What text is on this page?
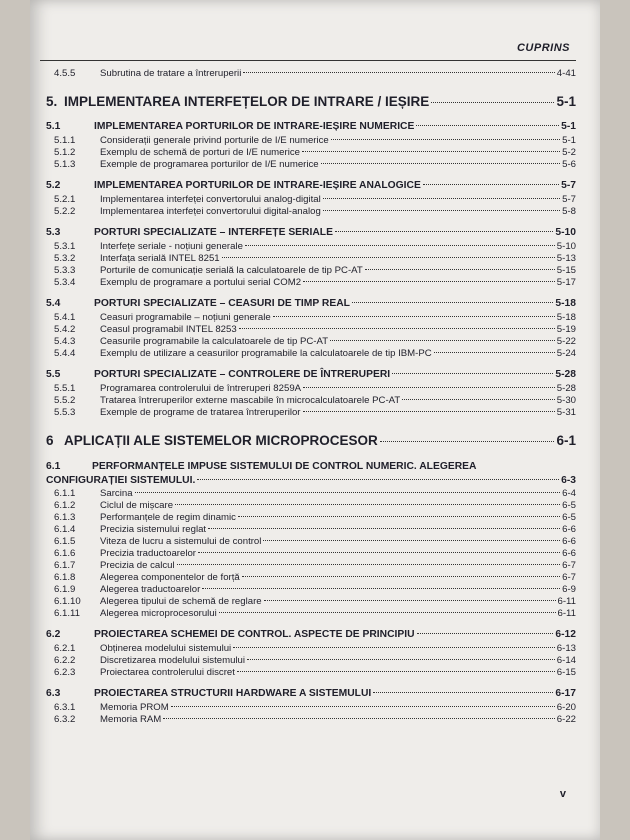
CUPRINS
4.5.5	Subrutina de tratare a întreruperii	4-41
5. IMPLEMENTAREA INTERFEȚELOR DE INTRARE / IEȘIRE	5-1
5.1	IMPLEMENTAREA PORTURILOR DE INTRARE-IEȘIRE NUMERICE	5-1
5.1.1	Considerații generale privind porturile de I/E numerice	5-1
5.1.2	Exemplu de schemă de porturi de I/E numerice	5-2
5.1.3	Exemple de programarea porturilor de I/E numerice	5-6
5.2	IMPLEMENTAREA PORTURILOR DE INTRARE-IEȘIRE ANALOGICE	5-7
5.2.1	Implementarea interfeței convertorului analog-digital	5-7
5.2.2	Implementarea interfeței convertorului digital-analog	5-8
5.3	PORTURI SPECIALIZATE – INTERFEȚE SERIALE	5-10
5.3.1	Interfețe seriale - noțiuni generale	5-10
5.3.2	Interfața serială INTEL 8251	5-13
5.3.3	Porturile de comunicație serială la calculatoarele de tip PC-AT	5-15
5.3.4	Exemplu de programare a portului serial COM2	5-17
5.4	PORTURI SPECIALIZATE – CEASURI DE TIMP REAL	5-18
5.4.1	Ceasuri programabile – noțiuni generale	5-18
5.4.2	Ceasul programabil INTEL 8253	5-19
5.4.3	Ceasurile programabile la calculatoarele de tip PC-AT	5-22
5.4.4	Exemplu de utilizare a ceasurilor programabile la calculatoarele de tip IBM-PC	5-24
5.5	PORTURI SPECIALIZATE – CONTROLERE DE ÎNTRERUPERI	5-28
5.5.1	Programarea controlerului de întreruperi 8259A	5-28
5.5.2	Tratarea întreruperilor externe mascabile în microcalculatoarele PC-AT	5-30
5.5.3	Exemple de programe de tratarea întreruperilor	5-31
6 APLICAȚII ALE SISTEMELOR MICROPROCESOR	6-1
6.1	PERFORMANȚELE IMPUSE SISTEMULUI DE CONTROL NUMERIC. ALEGEREA
CONFIGURAȚIEI SISTEMULUI.	6-3
6.1.1	Sarcina	6-4
6.1.2	Ciclul de mișcare	6-5
6.1.3	Performanțele de regim dinamic	6-5
6.1.4	Precizia sistemului reglat	6-6
6.1.5	Viteza de lucru a sistemului de control	6-6
6.1.6	Precizia traductoarelor	6-6
6.1.7	Precizia de calcul	6-7
6.1.8	Alegerea componentelor de forță	6-7
6.1.9	Alegerea traductoarelor	6-9
6.1.10	Alegerea tipului de schemă de reglare	6-11
6.1.11	Alegerea microprocesorului	6-11
6.2	PROIECTAREA SCHEMEI DE CONTROL. ASPECTE DE PRINCIPIU	6-12
6.2.1	Obținerea modelului sistemului	6-13
6.2.2	Discretizarea modelului sistemului	6-14
6.2.3	Proiectarea controlerului discret	6-15
6.3	PROIECTAREA STRUCTURII HARDWARE A SISTEMULUI	6-17
6.3.1	Memoria PROM	6-20
6.3.2	Memoria RAM	6-22
v
